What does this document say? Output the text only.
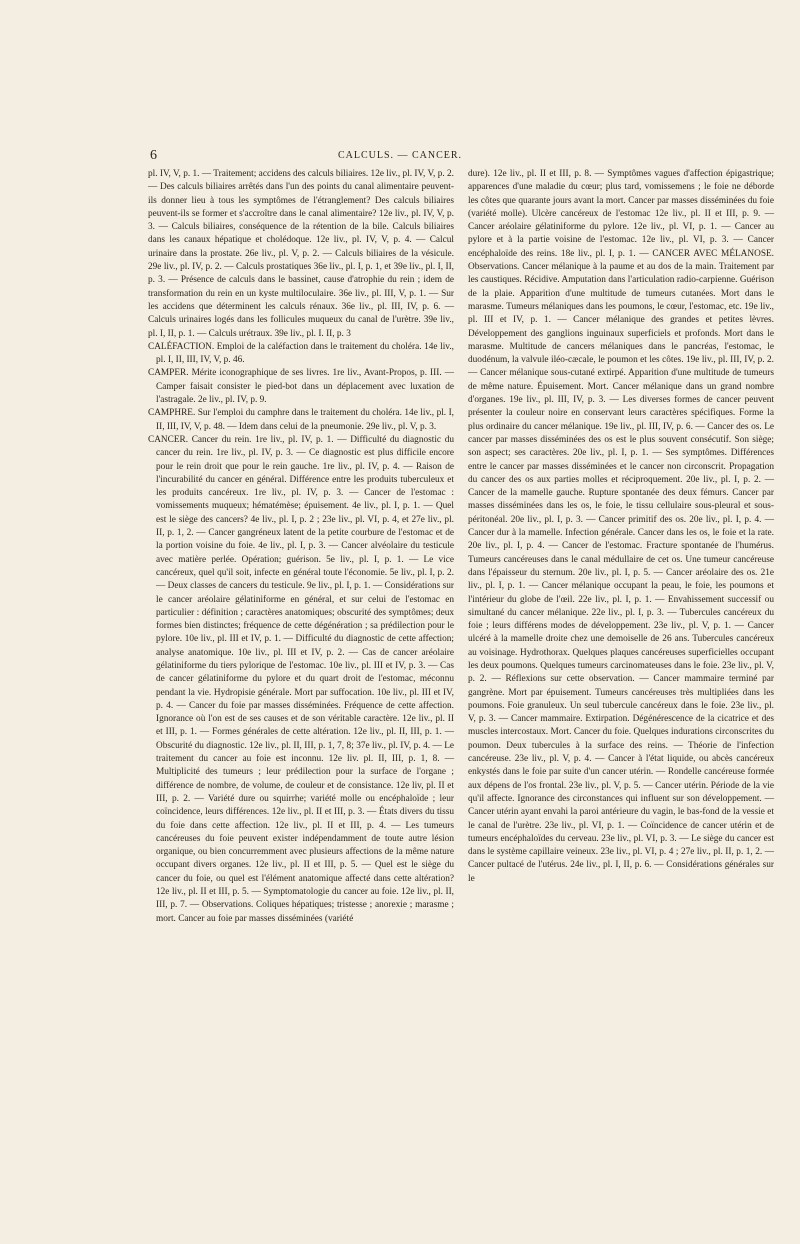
6	CALCULS. — CANCER.

pl. IV, V, p. 1. — Traitement; accidens des calculs biliaires. 12e liv., pl. IV, V, p. 2. — Des calculs biliaires arrêtés dans l'un des points du canal alimentaire peuvent-ils donner lieu à tous les symptômes de l'étranglement? Des calculs biliaires peuvent-ils se former et s'accroître dans le canal alimentaire? 12e liv., pl. IV, V, p. 3. — Calculs biliaires, conséquence de la rétention de la bile. Calculs biliaires dans les canaux hépatique et cholédoque. 12e liv., pl. IV, V, p. 4. — Calcul urinaire dans la prostate. 26e liv., pl. V, p. 2. — Calculs biliaires de la vésicule. 29e liv., pl. IV, p. 2. — Calculs prostatiques 36e liv., pl. I, p. 1, et 39e liv., pl. I, II, p. 3. — Présence de calculs dans le bassinet, cause d'atrophie du rein ; idem de transformation du rein en un kyste multiloculaire. 36e liv., pl. III, V, p. 1. — Sur les accidens que déterminent les calculs rénaux. 36e liv., pl. III, IV, p. 6. — Calculs urinaires logés dans les follicules muqueux du canal de l'urètre. 39e liv., pl. I, II, p. 1. — Calculs urétraux. 39e liv., pl. I. II, p. 3

CALÉFACTION. Emploi de la caléfaction dans le traitement du choléra. 14e liv., pl. I, II, III, IV, V, p. 46.

CAMPER. Mérite iconographique de ses livres. 1re liv., Avant-Propos, p. III. — Camper faisait consister le pied-bot dans un déplacement avec luxation de l'astragale. 2e liv., pl. IV, p. 9.

CAMPHRE. Sur l'emploi du camphre dans le traitement du choléra. 14e liv., pl. I, II, III, IV, V, p. 48. — Idem dans celui de la pneumonie. 29e liv., pl. V, p. 3.

CANCER. Cancer du rein. 1re liv., pl. IV, p. 1. — Difficulté du diagnostic du cancer du rein. 1re liv., pl. IV, p. 3. — Ce diagnostic est plus difficile encore pour le rein droit que pour le rein gauche. 1re liv., pl. IV, p. 4. — Raison de l'incurabilité du cancer en général. Différence entre les produits tuberculeux et les produits cancéreux. 1re liv., pl. IV, p. 3. — Cancer de l'estomac : vomissements muqueux; hématémèse; épuisement. 4e liv., pl. I, p. 1. — Quel est le siège des cancers? 4e liv., pl. I, p. 2 ; 23e liv., pl. VI, p. 4, et 27e liv., pl. II, p. 1, 2. — Cancer gangréneux latent de la petite courbure de l'estomac et de la portion voisine du foie. 4e liv., pl. I, p. 3. — Cancer alvéolaire du testicule avec matière perlée. Opération; guérison. 5e liv., pl. I, p. 1. — Le vice cancéreux, quel qu'il soit, infecte en général toute l'économie. 5e liv., pl. I, p. 2. — Deux classes de cancers du testicule. 9e liv., pl. I, p. 1. — Considérations sur le cancer aréolaire gélatiniforme en général, et sur celui de l'estomac en particulier : définition ; caractères anatomiques; obscurité des symptômes; deux formes bien distinctes; fréquence de cette dégénération ; sa prédilection pour le pylore. 10e liv., pl. III et IV, p. 1. — Difficulté du diagnostic de cette affection; analyse anatomique. 10e liv., pl. III et IV, p. 2. — Cas de cancer aréolaire gélatiniforme du tiers pylorique de l'estomac. 10e liv., pl. III et IV, p. 3. — Cas de cancer gélatiniforme du pylore et du quart droit de l'estomac, méconnu pendant la vie. Hydropisie générale. Mort par suffocation. 10e liv., pl. III et IV, p. 4. — Cancer du foie par masses disséminées. Fréquence de cette affection. Ignorance où l'on est de ses causes et de son véritable caractère. 12e liv., pl. II et III, p. 1. — Formes générales de cette altération. 12e liv., pl. II, III, p. 1. — Obscurité du diagnostic. 12e liv., pl. II, III, p. 1, 7, 8; 37e liv., pl. IV, p. 4. — Le traitement du cancer au foie est inconnu. 12e liv. pl. II, III, p. 1, 8. — Multiplicité des tumeurs ; leur prédilection pour la surface de l'organe ; différence de nombre, de volume, de couleur et de consistance. 12e liv, pl. II et III, p. 2. — Variété dure ou squirrhe; variété molle ou encéphaloïde ; leur coïncidence, leurs différences. 12e liv., pl. II et III, p. 3. — États divers du tissu du foie dans cette affection. 12e liv., pl. II et III, p. 4. — Les tumeurs cancéreuses du foie peuvent exister indépendamment de toute autre lésion organique, ou bien concurremment avec plusieurs affections de la même nature occupant divers organes. 12e liv., pl. II et III, p. 5. — Quel est le siège du cancer du foie, ou quel est l'élément anatomique affecté dans cette altération? 12e liv., pl. II et III, p. 5. — Symptomatologie du cancer au foie. 12e liv., pl. II, III, p. 7. — Observations. Coliques hépatiques; tristesse ; anorexie ; marasme ; mort. Cancer au foie par masses disséminées (variété

dure). 12e liv., pl. II et III, p. 8. — Symptômes vagues d'affection épigastrique; apparences d'une maladie du cœur; plus tard, vomissemens ; le foie ne déborde les côtes que quarante jours avant la mort. Cancer par masses disséminées du foie (variété molle). Ulcère cancéreux de l'estomac 12e liv., pl. II et III, p. 9. — Cancer aréolaire gélatiniforme du pylore. 12e liv., pl. VI, p. 1. — Cancer au pylore et à la partie voisine de l'estomac. 12e liv., pl. VI, p. 3. — Cancer encéphaloïde des reins. 18e liv., pl. I, p. 1. — CANCER AVEC MÉLANOSE. Observations. Cancer mélanique à la paume et au dos de la main. Traitement par les caustiques. Récidive. Amputation dans l'articulation radio-carpienne. Guérison de la plaie. Apparition d'une multitude de tumeurs cutanées. Mort dans le marasme. Tumeurs mélaniques dans les poumons, le cœur, l'estomac, etc. 19e liv., pl. III et IV, p. 1. — Cancer mélanique des grandes et petites lèvres. Développement des ganglions inguinaux superficiels et profonds. Mort dans le marasme. Multitude de cancers mélaniques dans le pancréas, l'estomac, le duodénum, la valvule iléo-cæcale, le poumon et les côtes. 19e liv., pl. III, IV, p. 2. — Cancer mélanique sous-cutané extirpé. Apparition d'une multitude de tumeurs de même nature. Épuisement. Mort. Cancer mélanique dans un grand nombre d'organes. 19e liv., pl. III, IV, p. 3. — Les diverses formes de cancer peuvent présenter la couleur noire en conservant leurs caractères spécifiques. Forme la plus ordinaire du cancer mélanique. 19e liv., pl. III, IV, p. 6. — Cancer des os. Le cancer par masses disséminées des os est le plus souvent consécutif. Son siège; son aspect; ses caractères. 20e liv., pl. I, p. 1. — Ses symptômes. Différences entre le cancer par masses disséminées et le cancer non circonscrit. Propagation du cancer des os aux parties molles et réciproquement. 20e liv., pl. I, p. 2. — Cancer de la mamelle gauche. Rupture spontanée des deux fémurs. Cancer par masses disséminées dans les os, le foie, le tissu cellulaire sous-pleural et sous-péritonéal. 20e liv., pl. I, p. 3. — Cancer primitif des os. 20e liv., pl. I, p. 4. — Cancer dur à la mamelle. Infection générale. Cancer dans les os, le foie et la rate. 20e liv., pl. I, p. 4. — Cancer de l'estomac. Fracture spontanée de l'humérus. Tumeurs cancéreuses dans le canal médullaire de cet os. Une tumeur cancéreuse dans l'épaisseur du sternum. 20e liv., pl. I, p. 5. — Cancer aréolaire des os. 21e liv., pl. I, p. 1. — Cancer mélanique occupant la peau, le foie, les poumons et l'intérieur du globe de l'œil. 22e liv., pl. I, p. 1. — Envahissement successif ou simultané du cancer mélanique. 22e liv., pl. I, p. 3. — Tubercules cancéreux du foie ; leurs différens modes de développement. 23e liv., pl. V, p. 1. — Cancer ulcéré à la mamelle droite chez une demoiselle de 26 ans. Tubercules cancéreux au voisinage. Hydrothorax. Quelques plaques cancéreuses superficielles occupant les deux poumons. Quelques tumeurs carcinomateuses dans le foie. 23e liv., pl. V, p. 2. — Réflexions sur cette observation. — Cancer mammaire terminé par gangrène. Mort par épuisement. Tumeurs cancéreuses très multipliées dans les poumons. Foie granuleux. Un seul tubercule cancéreux dans le foie. 23e liv., pl. V, p. 3. — Cancer mammaire. Extirpation. Dégénérescence de la cicatrice et des muscles intercostaux. Mort. Cancer du foie. Quelques indurations circonscrites du poumon. Deux tubercules à la surface des reins. — Théorie de l'infection cancéreuse. 23e liv., pl. V, p. 4. — Cancer à l'état liquide, ou abcès cancéreux enkystés dans le foie par suite d'un cancer utérin. — Rondelle cancéreuse formée aux dépens de l'os frontal. 23e liv., pl. V, p. 5. — Cancer utérin. Période de la vie qu'il affecte. Ignorance des circonstances qui influent sur son développement. — Cancer utérin ayant envahi la paroi antérieure du vagin, le bas-fond de la vessie et le canal de l'urètre. 23e liv., pl. VI, p. 1. — Coïncidence de cancer utérin et de tumeurs encéphaloïdes du cerveau. 23e liv., pl. VI, p. 3. — Le siège du cancer est dans le système capillaire veineux. 23e liv., pl. VI, p. 4 ; 27e liv., pl. II, p. 1, 2. — Cancer pultacé de l'utérus. 24e liv., pl. I, II, p. 6. — Considérations générales sur le
